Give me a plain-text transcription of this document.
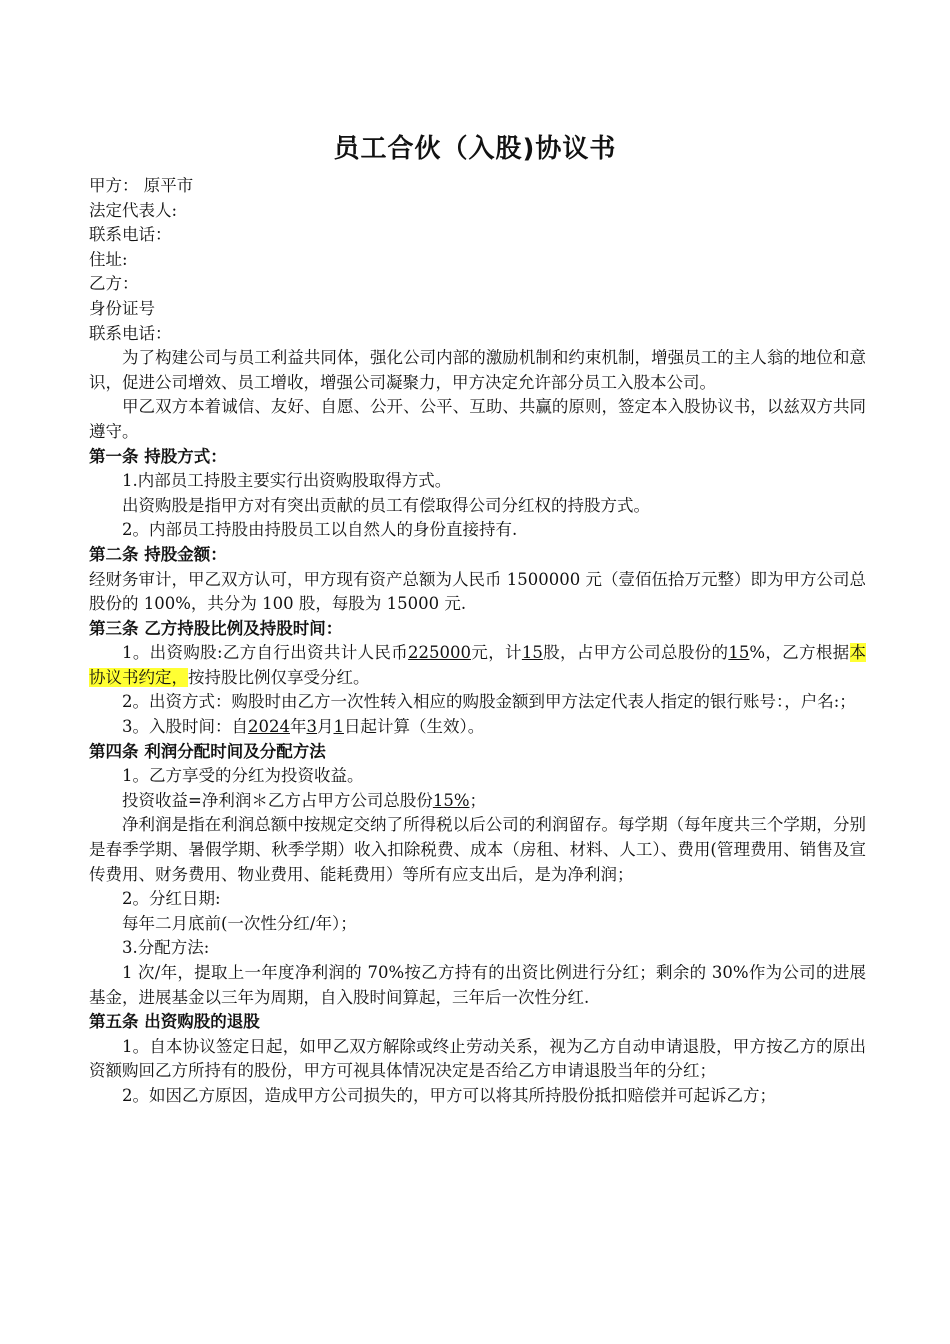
员工合伙（入股)协议书

甲方： 原平市

法定代表人:

联系电话：

住址:

乙方：

身份证号

联系电话：

为了构建公司与员工利益共同体，强化公司内部的激励机制和约束机制，增强员工的主人翁的地位和意识，促进公司增效、员工增收，增强公司凝聚力，甲方决定允许部分员工入股本公司。

甲乙双方本着诚信、友好、自愿、公开、公平、互助、共赢的原则，签定本入股协议书，以兹双方共同遵守。

第一条 持股方式：

1.内部员工持股主要实行出资购股取得方式。

出资购股是指甲方对有突出贡献的员工有偿取得公司分红权的持股方式。

2。内部员工持股由持股员工以自然人的身份直接持有.

第二条 持股金额：

经财务审计，甲乙双方认可，甲方现有资产总额为人民币 1500000 元（壹佰伍拾万元整）即为甲方公司总股份的 100%，共分为 100 股，每股为 15000 元.

第三条 乙方持股比例及持股时间：

1。出资购股:乙方自行出资共计人民币225000元，计15股，占甲方公司总股份的15%，乙方根据本协议书约定，按持股比例仅享受分红。

2。出资方式：购股时由乙方一次性转入相应的购股金额到甲方法定代表人指定的银行账号：，户名:；

3。入股时间：自2024年3月1日起计算（生效）。

第四条 利润分配时间及分配方法

1。乙方享受的分红为投资收益。

投资收益=净利润＊乙方占甲方公司总股份15%；

净利润是指在利润总额中按规定交纳了所得税以后公司的利润留存。每学期（每年度共三个学期，分别是春季学期、暑假学期、秋季学期）收入扣除税费、成本（房租、材料、人工）、费用(管理费用、销售及宣传费用、财务费用、物业费用、能耗费用）等所有应支出后，是为净利润；

2。分红日期:

每年二月底前(一次性分红/年）；

3.分配方法:

1 次/年，提取上一年度净利润的 70%按乙方持有的出资比例进行分红；剩余的 30%作为公司的进展基金，进展基金以三年为周期，自入股时间算起，三年后一次性分红.

第五条 出资购股的退股

1。自本协议签定日起，如甲乙双方解除或终止劳动关系，视为乙方自动申请退股，甲方按乙方的原出资额购回乙方所持有的股份，甲方可视具体情况决定是否给乙方申请退股当年的分红；

2。如因乙方原因，造成甲方公司损失的，甲方可以将其所持股份抵扣赔偿并可起诉乙方；
